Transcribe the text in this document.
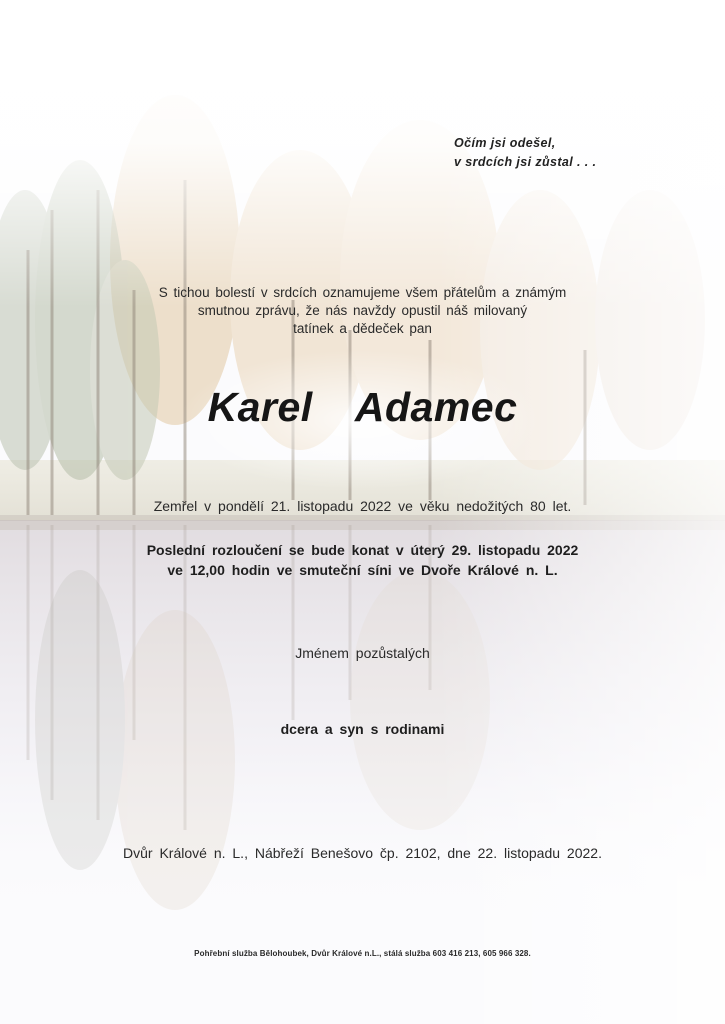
Očím jsi odešel,
v srdcích jsi zůstal . . .
S tichou bolestí v srdcích oznamujeme všem přátelům a známým
smutnou zprávu, že nás navždy opustil náš milovaný
tatínek a dědeček pan
Karel  Adamec
Zemřel v pondělí 21. listopadu 2022 ve věku nedožitých 80 let.
Poslední rozloučení se bude konat v úterý 29. listopadu 2022
ve 12,00 hodin ve smuteční síni ve Dvoře Králové n. L.
Jménem pozůstalých
dcera a syn s rodinami
Dvůr Králové n. L., Nábřeží Benešovo čp. 2102, dne 22. listopadu 2022.
Pohřební služba Bělohoubek, Dvůr Králové n.L., stálá služba 603 416 213, 605 966 328.
